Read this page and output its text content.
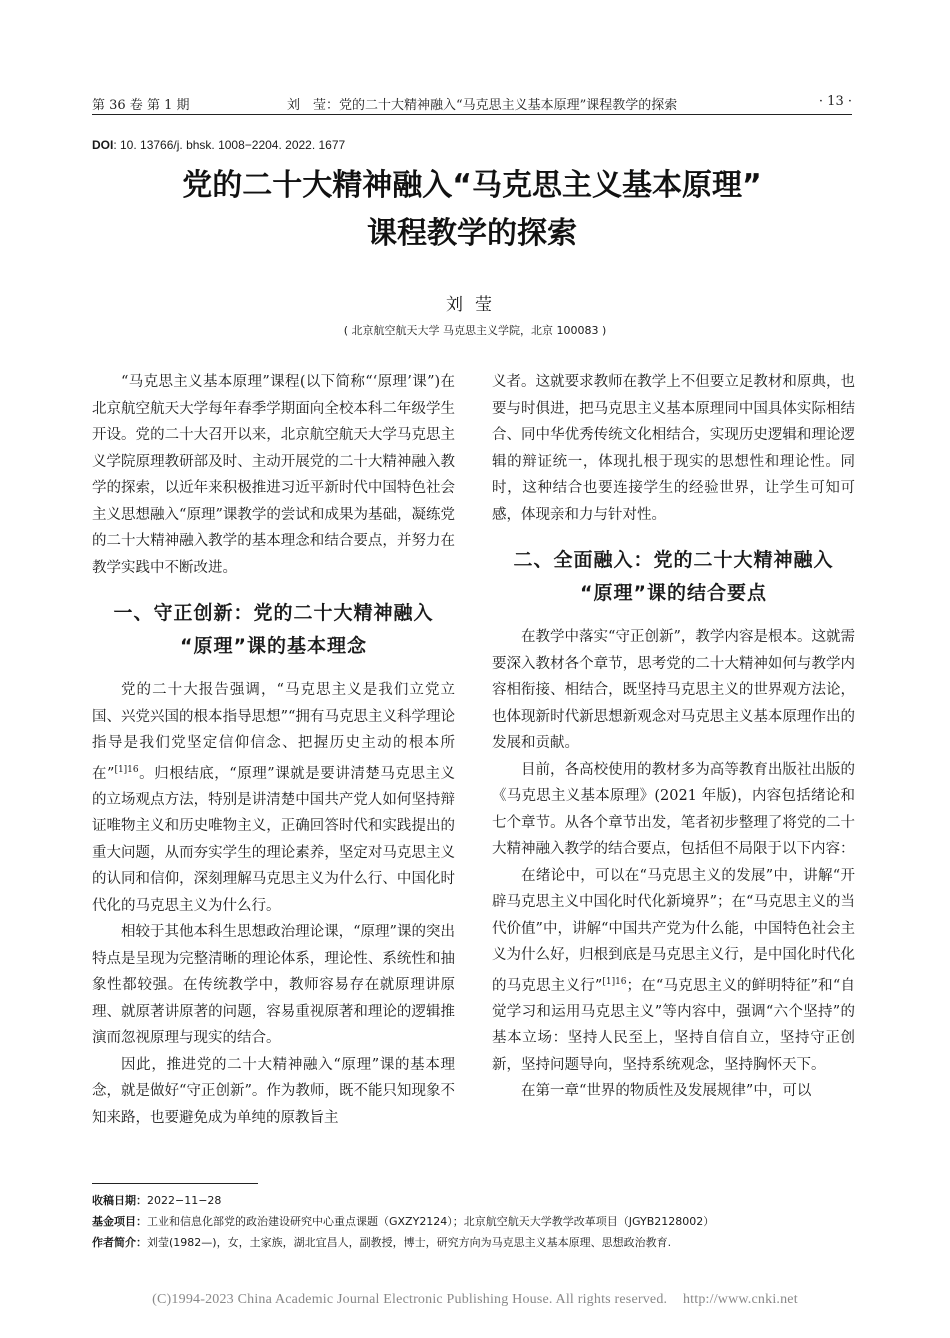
第 36 卷 第 1 期	刘　莹：党的二十大精神融入“马克思主义基本原理”课程教学的探索	· 13 ·
DOI: 10. 13766/j. bhsk. 1008−2204. 2022. 1677
党的二十大精神融入“马克思主义基本原理”
课程教学的探索
刘莹
( 北京航空航天大学 马克思主义学院，北京 100083 )

“马克思主义基本原理”课程(以下简称“‘原理’课”)在北京航空航天大学每年春季学期面向全校本科二年级学生开设。党的二十大召开以来，北京航空航天大学马克思主义学院原理教研部及时、主动开展党的二十大精神融入教学的探索，以近年来积极推进习近平新时代中国特色社会主义思想融入“原理”课教学的尝试和成果为基础，凝练党的二十大精神融入教学的基本理念和结合要点，并努力在教学实践中不断改进。

一、守正创新：党的二十大精神融入
“原理”课的基本理念

党的二十大报告强调，“马克思主义是我们立党立国、兴党兴国的根本指导思想”“拥有马克思主义科学理论指导是我们党坚定信仰信念、把握历史主动的根本所在”$^{[1]16}$。归根结底，“原理”课就是要讲清楚马克思主义的立场观点方法，特别是讲清楚中国共产党人如何坚持辩证唯物主义和历史唯物主义，正确回答时代和实践提出的重大问题，从而夯实学生的理论素养，坚定对马克思主义的认同和信仰，深刻理解马克思主义为什么行、中国化时代化的马克思主义为什么行。

相较于其他本科生思想政治理论课，“原理”课的突出特点是呈现为完整清晰的理论体系，理论性、系统性和抽象性都较强。在传统教学中，教师容易存在就原理讲原理、就原著讲原著的问题，容易重视原著和理论的逻辑推演而忽视原理与现实的结合。

因此，推进党的二十大精神融入“原理”课的基本理念，就是做好“守正创新”。作为教师，既不能只知现象不知来路，也要避免成为单纯的原教旨主

义者。这就要求教师在教学上不但要立足教材和原典，也要与时俱进，把马克思主义基本原理同中国具体实际相结合、同中华优秀传统文化相结合，实现历史逻辑和理论逻辑的辩证统一，体现扎根于现实的思想性和理论性。同时，这种结合也要连接学生的经验世界，让学生可知可感，体现亲和力与针对性。

二、全面融入：党的二十大精神融入
“原理”课的结合要点

在教学中落实“守正创新”，教学内容是根本。这就需要深入教材各个章节，思考党的二十大精神如何与教学内容相衔接、相结合，既坚持马克思主义的世界观方法论，也体现新时代新思想新观念对马克思主义基本原理作出的发展和贡献。

目前，各高校使用的教材多为高等教育出版社出版的《马克思主义基本原理》(2021 年版)，内容包括绪论和七个章节。从各个章节出发，笔者初步整理了将党的二十大精神融入教学的结合要点，包括但不局限于以下内容：

在绪论中，可以在“马克思主义的发展”中，讲解“开辟马克思主义中国化时代化新境界”；在“马克思主义的当代价值”中，讲解“中国共产党为什么能，中国特色社会主义为什么好，归根到底是马克思主义行，是中国化时代化的马克思主义行”$^{[1]16}$；在“马克思主义的鲜明特征”和“自觉学习和运用马克思主义”等内容中，强调“六个坚持”的基本立场：坚持人民至上，坚持自信自立，坚持守正创新，坚持问题导向，坚持系统观念，坚持胸怀天下。

在第一章“世界的物质性及发展规律”中，可以

收稿日期：2022−11−28
基金项目：工业和信息化部党的政治建设研究中心重点课题（GXZY2124）；北京航空航天大学教学改革项目（JGYB2128002）
作者简介：刘莹(1982—)，女，土家族，湖北宜昌人，副教授，博士，研究方向为马克思主义基本原理、思想政治教育.
(C)1994-2023 China Academic Journal Electronic Publishing House. All rights reserved. http://www.cnki.net
